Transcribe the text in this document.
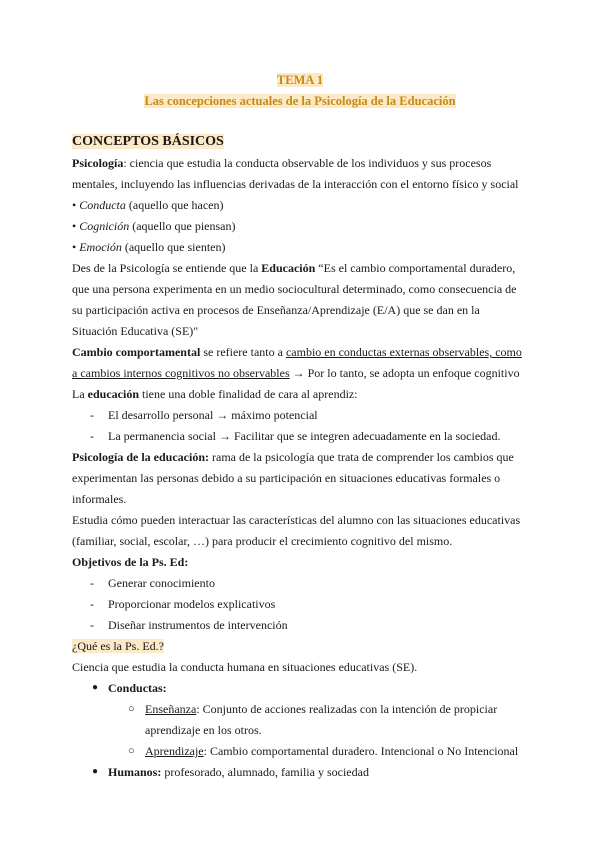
TEMA 1
Las concepciones actuales de la Psicología de la Educación
CONCEPTOS BÁSICOS
Psicología: ciencia que estudia la conducta observable de los individuos y sus procesos
mentales, incluyendo las influencias derivadas de la interacción con el entorno físico y social
• Conducta (aquello que hacen)
• Cognición (aquello que piensan)
• Emoción (aquello que sienten)
Des de la Psicología se entiende que la Educación “Es el cambio comportamental duradero,
que una persona experimenta en un medio sociocultural determinado, como consecuencia de
su participación activa en procesos de Enseñanza/Aprendizaje (E/A) que se dan en la
Situación Educativa (SE)"
Cambio comportamental se refiere tanto a cambio en conductas externas observables, como
a cambios internos cognitivos no observables → Por lo tanto, se adopta un enfoque cognitivo
La educación tiene una doble finalidad de cara al aprendiz:
- El desarrollo personal → máximo potencial
- La permanencia social → Facilitar que se integren adecuadamente en la sociedad.
Psicología de la educación: rama de la psicología que trata de comprender los cambios que
experimentan las personas debido a su participación en situaciones educativas formales o
informales.
Estudia cómo pueden interactuar las características del alumno con las situaciones educativas
(familiar, social, escolar, …) para producir el crecimiento cognitivo del mismo.
Objetivos de la Ps. Ed:
- Generar conocimiento
- Proporcionar modelos explicativos
- Diseñar instrumentos de intervención
¿Qué es la Ps. Ed.?
Ciencia que estudia la conducta humana en situaciones educativas (SE).
● Conductas:
○ Enseñanza: Conjunto de acciones realizadas con la intención de propiciar
aprendizaje en los otros.
○ Aprendizaje: Cambio comportamental duradero. Intencional o No Intencional
● Humanos: profesorado, alumnado, familia y sociedad
